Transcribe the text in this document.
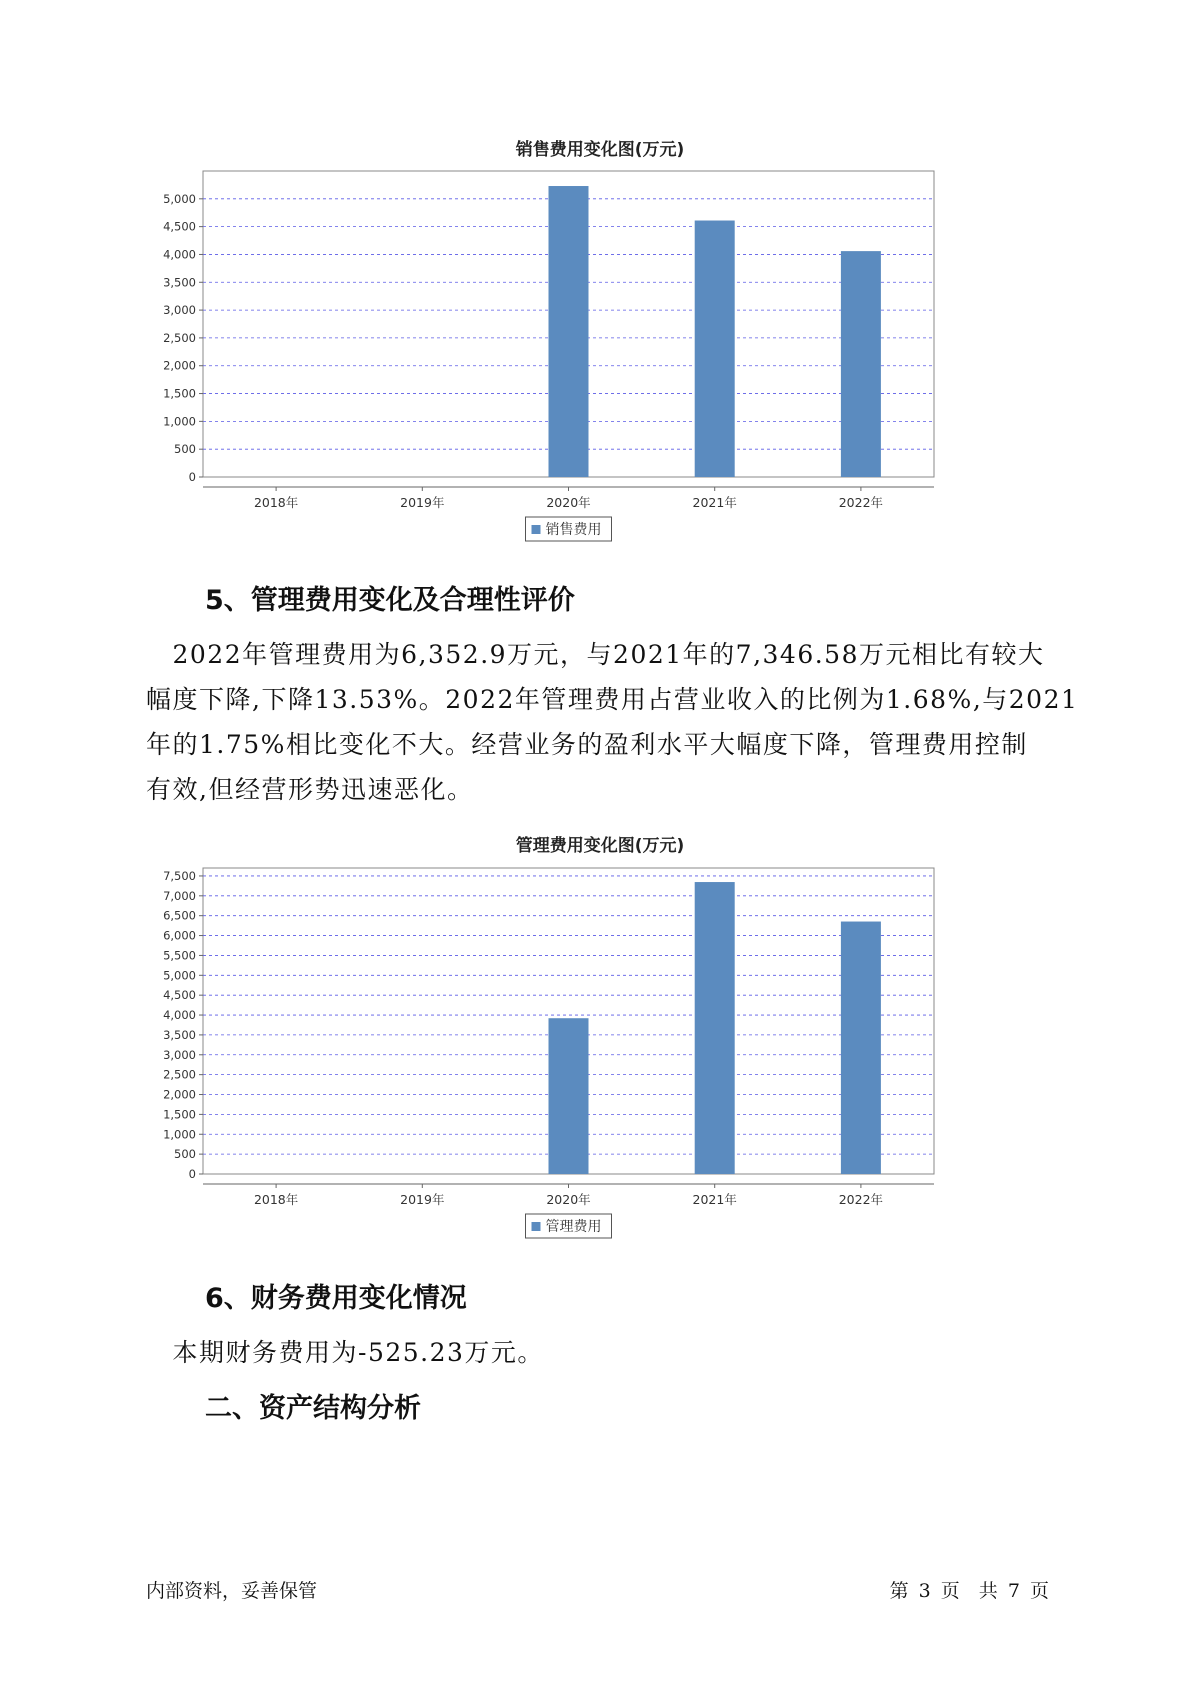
销售费用变化图(万元)
0
500
1,000
1,500
2,000
2,500
3,000
3,500
4,000
4,500
5,000
2018年	2019年	2020年	2021年	2022年
销售费用
5、管理费用变化及合理性评价
　2022年管理费用为6,352.9万元，与2021年的7,346.58万元相比有较大
幅度下降,下降13.53%。2022年管理费用占营业收入的比例为1.68%,与2021
年的1.75%相比变化不大。经营业务的盈利水平大幅度下降，管理费用控制
有效,但经营形势迅速恶化。
管理费用变化图(万元)
0
500
1,000
1,500
2,000
2,500
3,000
3,500
4,000
4,500
5,000
5,500
6,000
6,500
7,000
7,500
2018年	2019年	2020年	2021年	2022年
管理费用
6、财务费用变化情况
　本期财务费用为-525.23万元。
二、资产结构分析
内部资料，妥善保管	第 3 页　共 7 页
